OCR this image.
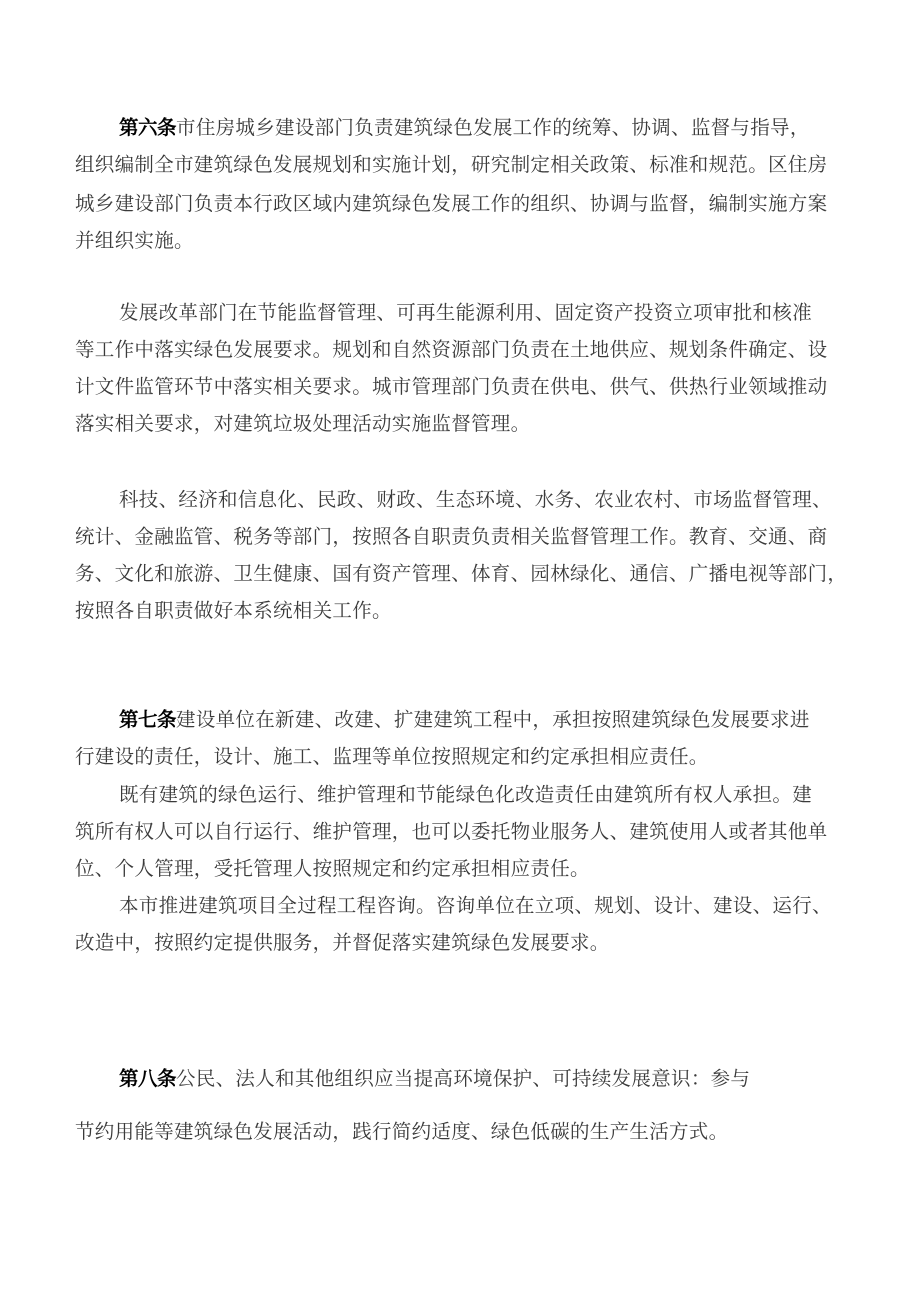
第六条市住房城乡建设部门负责建筑绿色发展工作的统筹、协调、监督与指导，
组织编制全市建筑绿色发展规划和实施计划，研究制定相关政策、标准和规范。区住房
城乡建设部门负责本行政区域内建筑绿色发展工作的组织、协调与监督，编制实施方案
并组织实施。
发展改革部门在节能监督管理、可再生能源利用、固定资产投资立项审批和核准
等工作中落实绿色发展要求。规划和自然资源部门负责在土地供应、规划条件确定、设
计文件监管环节中落实相关要求。城市管理部门负责在供电、供气、供热行业领域推动
落实相关要求，对建筑垃圾处理活动实施监督管理。
科技、经济和信息化、民政、财政、生态环境、水务、农业农村、市场监督管理、
统计、金融监管、税务等部门，按照各自职责负责相关监督管理工作。教育、交通、商
务、文化和旅游、卫生健康、国有资产管理、体育、园林绿化、通信、广播电视等部门，
按照各自职责做好本系统相关工作。
第七条建设单位在新建、改建、扩建建筑工程中，承担按照建筑绿色发展要求进
行建设的责任，设计、施工、监理等单位按照规定和约定承担相应责任。
既有建筑的绿色运行、维护管理和节能绿色化改造责任由建筑所有权人承担。建
筑所有权人可以自行运行、维护管理，也可以委托物业服务人、建筑使用人或者其他单
位、个人管理，受托管理人按照规定和约定承担相应责任。
本市推进建筑项目全过程工程咨询。咨询单位在立项、规划、设计、建设、运行、
改造中，按照约定提供服务，并督促落实建筑绿色发展要求。
第八条公民、法人和其他组织应当提高环境保护、可持续发展意识：参与
节约用能等建筑绿色发展活动，践行简约适度、绿色低碳的生产生活方式。
